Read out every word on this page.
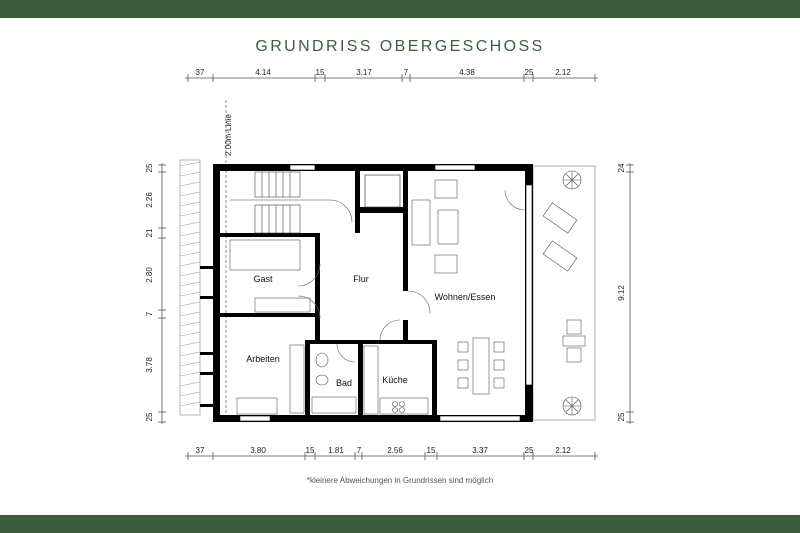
GRUNDRISS OBERGESCHOSS
37	4.14	15	3.17	7	4.38	25	2.12
37	3.80	15 1.81 7	2.56	15	3.37	25	2.12
25
2.26
21
2.80
7
3.78
25
24
9.12
25
2.00m-Linie
Gast	Flur
Wohnen/Essen
Arbeiten
Bad	Küche
*kleinere Abweichungen in Grundrissen sind möglich
